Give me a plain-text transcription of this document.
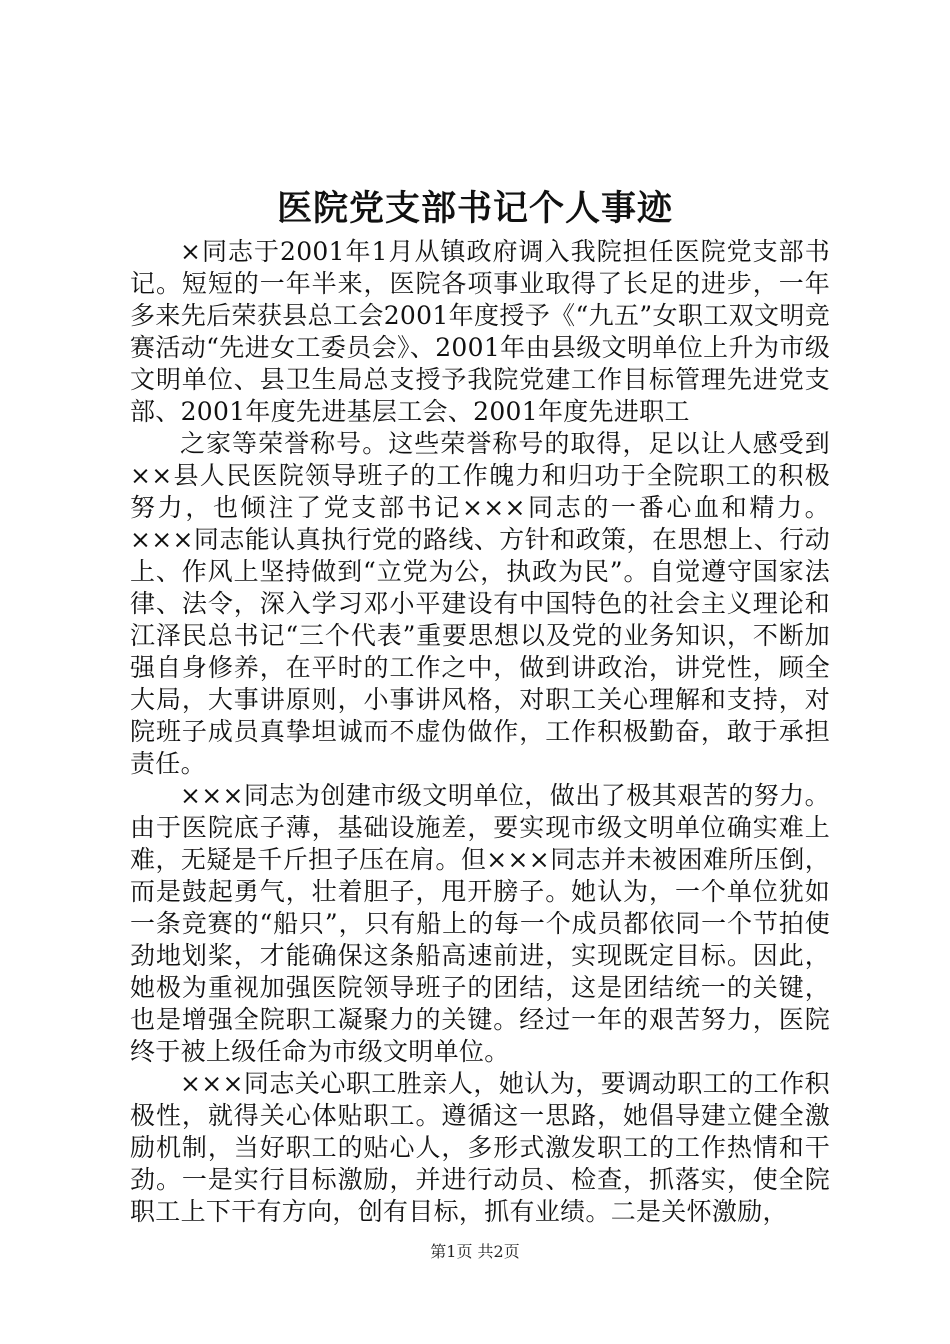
医院党支部书记个人事迹

×同志于2001年1月从镇政府调入我院担任医院党支部书记。短短的一年半来，医院各项事业取得了长足的进步，一年多来先后荣获县总工会2001年度授予《“九五”女职工双文明竞赛活动“先进女工委员会》、2001年由县级文明单位上升为市级文明单位、县卫生局总支授予我院党建工作目标管理先进党支部、2001年度先进基层工会、2001年度先进职工

之家等荣誉称号。这些荣誉称号的取得，足以让人感受到××县人民医院领导班子的工作魄力和归功于全院职工的积极努力，也倾注了党支部书记×××同志的一番心血和精力。×××同志能认真执行党的路线、方针和政策，在思想上、行动上、作风上坚持做到“立党为公，执政为民”。自觉遵守国家法律、法令，深入学习邓小平建设有中国特色的社会主义理论和江泽民总书记“三个代表”重要思想以及党的业务知识，不断加强自身修养，在平时的工作之中，做到讲政治，讲党性，顾全大局，大事讲原则，小事讲风格，对职工关心理解和支持，对院班子成员真挚坦诚而不虚伪做作，工作积极勤奋，敢于承担责任。

×××同志为创建市级文明单位，做出了极其艰苦的努力。由于医院底子薄，基础设施差，要实现市级文明单位确实难上难，无疑是千斤担子压在肩。但×××同志并未被困难所压倒，而是鼓起勇气，壮着胆子，甩开膀子。她认为，一个单位犹如一条竞赛的“船只”，只有船上的每一个成员都依同一个节拍使劲地划桨，才能确保这条船高速前进，实现既定目标。因此，她极为重视加强医院领导班子的团结，这是团结统一的关键，也是增强全院职工凝聚力的关键。经过一年的艰苦努力，医院终于被上级任命为市级文明单位。

×××同志关心职工胜亲人，她认为，要调动职工的工作积极性，就得关心体贴职工。遵循这一思路，她倡导建立健全激励机制，当好职工的贴心人，多形式激发职工的工作热情和干劲。一是实行目标激励，并进行动员、检查，抓落实，使全院职工上下干有方向，创有目标，抓有业绩。二是关怀激励，

第1页 共2页
